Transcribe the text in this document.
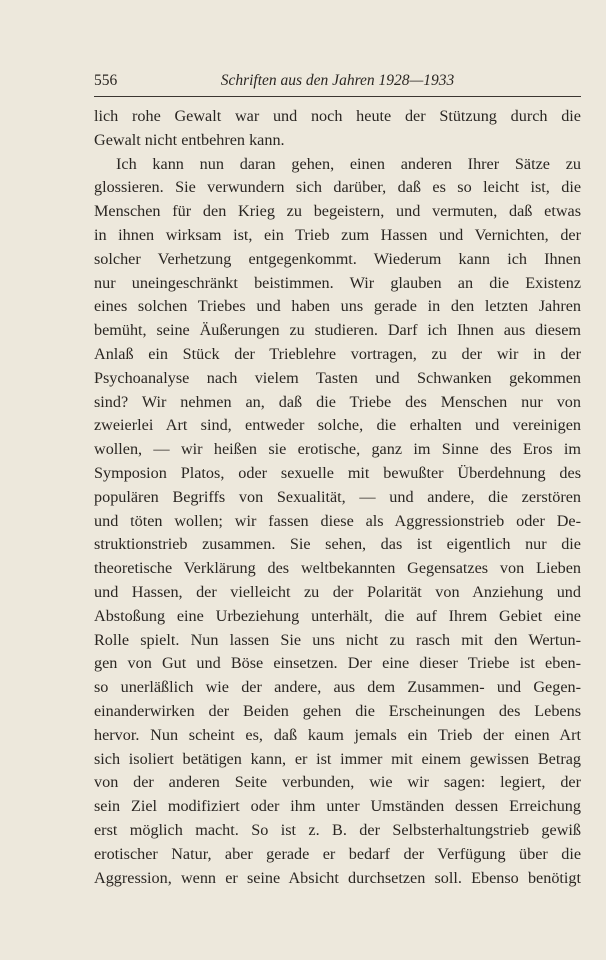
556	Schriften aus den Jahren 1928—1933
lich rohe Gewalt war und noch heute der Stützung durch die
Gewalt nicht entbehren kann.
Ich kann nun daran gehen, einen anderen Ihrer Sätze zu
glossieren. Sie verwundern sich darüber, daß es so leicht ist, die
Menschen für den Krieg zu begeistern, und vermuten, daß etwas
in ihnen wirksam ist, ein Trieb zum Hassen und Vernichten, der
solcher Verhetzung entgegenkommt. Wiederum kann ich Ihnen
nur uneingeschränkt beistimmen. Wir glauben an die Existenz
eines solchen Triebes und haben uns gerade in den letzten Jahren
bemüht, seine Äußerungen zu studieren. Darf ich Ihnen aus diesem
Anlaß ein Stück der Trieblehre vortragen, zu der wir in der
Psychoanalyse nach vielem Tasten und Schwanken gekommen
sind? Wir nehmen an, daß die Triebe des Menschen nur von
zweierlei Art sind, entweder solche, die erhalten und vereinigen
wollen, — wir heißen sie erotische, ganz im Sinne des Eros im
Symposion Platos, oder sexuelle mit bewußter Überdehnung des
populären Begriffs von Sexualität, — und andere, die zerstören
und töten wollen; wir fassen diese als Aggressionstrieb oder De-
struktionstrieb zusammen. Sie sehen, das ist eigentlich nur die
theoretische Verklärung des weltbekannten Gegensatzes von Lieben
und Hassen, der vielleicht zu der Polarität von Anziehung und
Abstoßung eine Urbeziehung unterhält, die auf Ihrem Gebiet eine
Rolle spielt. Nun lassen Sie uns nicht zu rasch mit den Wertun-
gen von Gut und Böse einsetzen. Der eine dieser Triebe ist eben-
so unerläßlich wie der andere, aus dem Zusammen- und Gegen-
einanderwirken der Beiden gehen die Erscheinungen des Lebens
hervor. Nun scheint es, daß kaum jemals ein Trieb der einen Art
sich isoliert betätigen kann, er ist immer mit einem gewissen Betrag
von der anderen Seite verbunden, wie wir sagen: legiert, der
sein Ziel modifiziert oder ihm unter Umständen dessen Erreichung
erst möglich macht. So ist z. B. der Selbsterhaltungstrieb gewiß
erotischer Natur, aber gerade er bedarf der Verfügung über die
Aggression, wenn er seine Absicht durchsetzen soll. Ebenso benötigt
